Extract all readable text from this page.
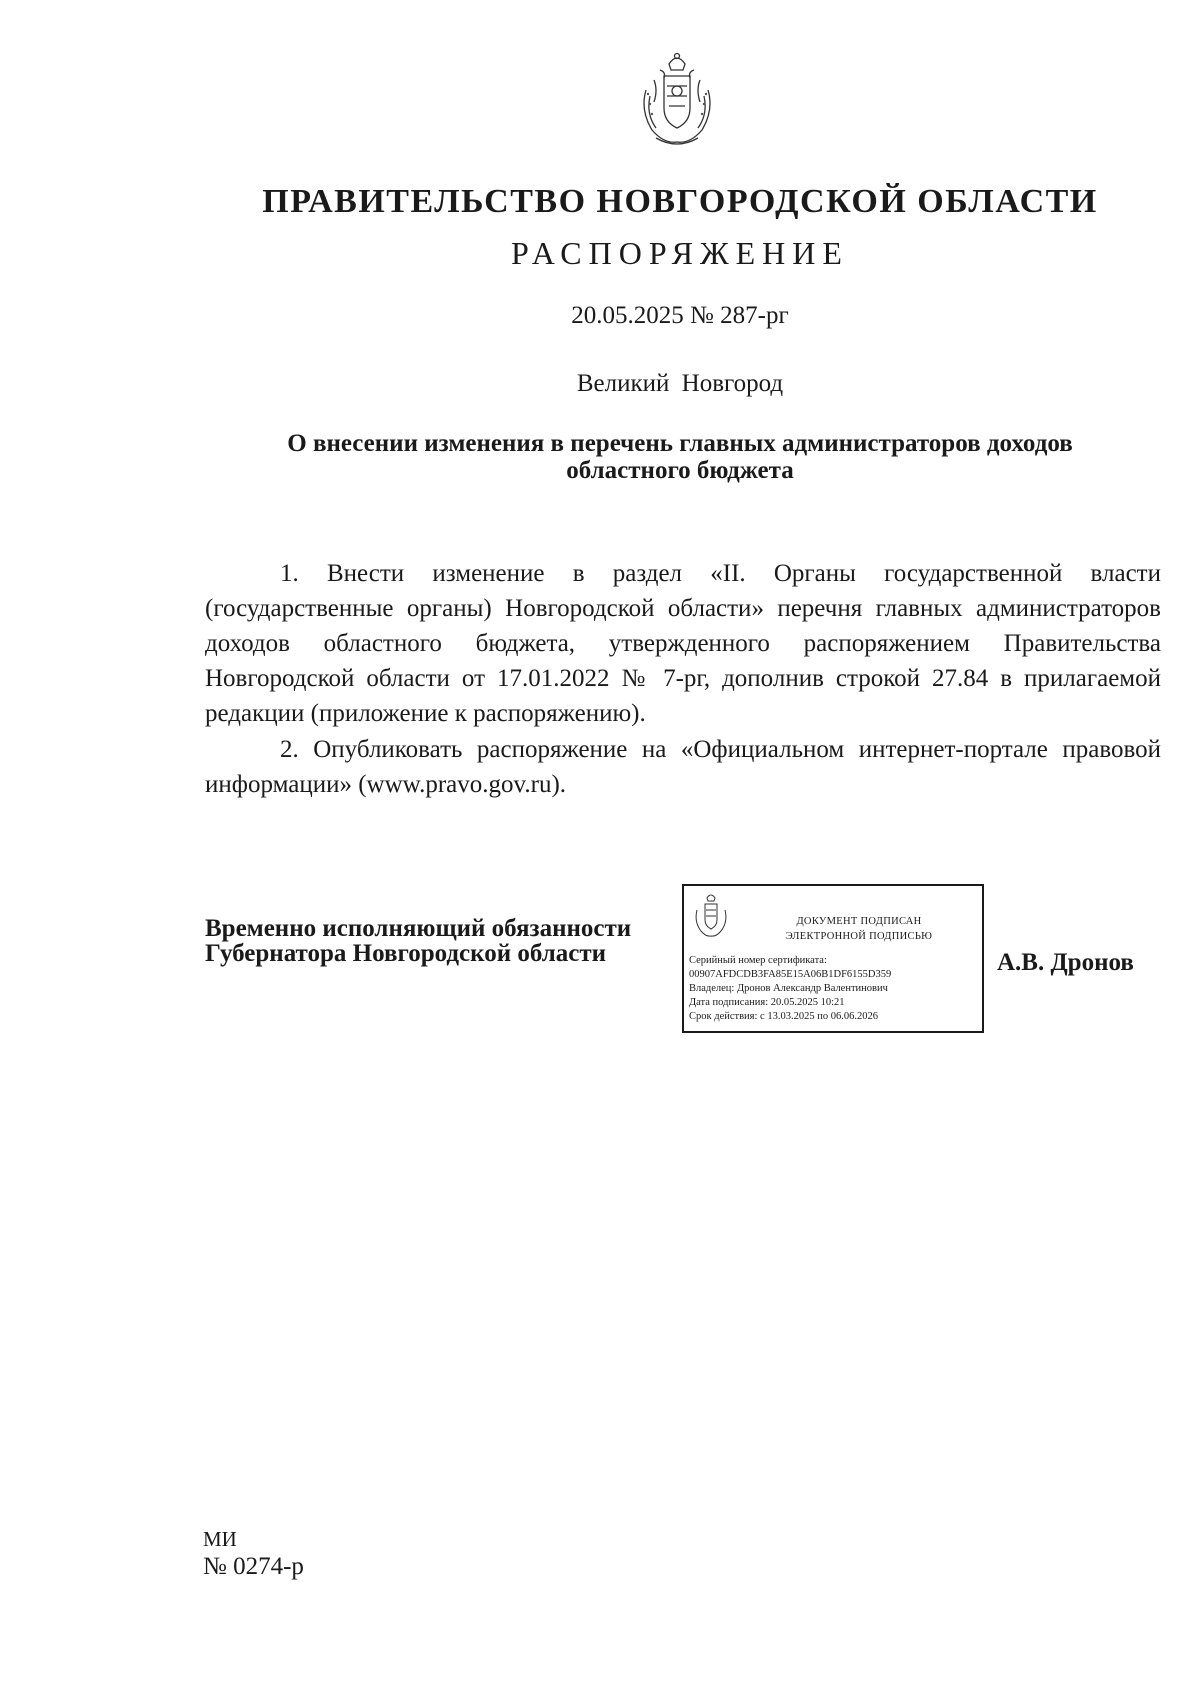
ПРАВИТЕЛЬСТВО НОВГОРОДСКОЙ ОБЛАСТИ
РАСПОРЯЖЕНИЕ
20.05.2025 № 287-рг
Великий Новгород
О внесении изменения в перечень главных администраторов доходов
областного бюджета
1. Внести изменение в раздел «II. Органы государственной власти (государственные органы) Новгородской области» перечня главных администраторов доходов областного бюджета, утвержденного распоряжением Правительства Новгородской области от 17.01.2022 № 7-рг, дополнив строкой 27.84 в прилагаемой редакции (приложение к распоряжению).
2. Опубликовать распоряжение на «Официальном интернет-портале правовой информации» (www.pravo.gov.ru).
Временно исполняющий обязанности
Губернатора Новгородской области
ДОКУМЕНТ ПОДПИСАН
ЭЛЕКТРОННОЙ ПОДПИСЬЮ
Серийный номер сертификата:
00907AFDCDB3FA85E15A06B1DF6155D359
Владелец: Дронов Александр Валентинович
Дата подписания: 20.05.2025 10:21
Срок действия: с 13.03.2025 по 06.06.2026
А.В. Дронов
МИ
№ 0274-р
